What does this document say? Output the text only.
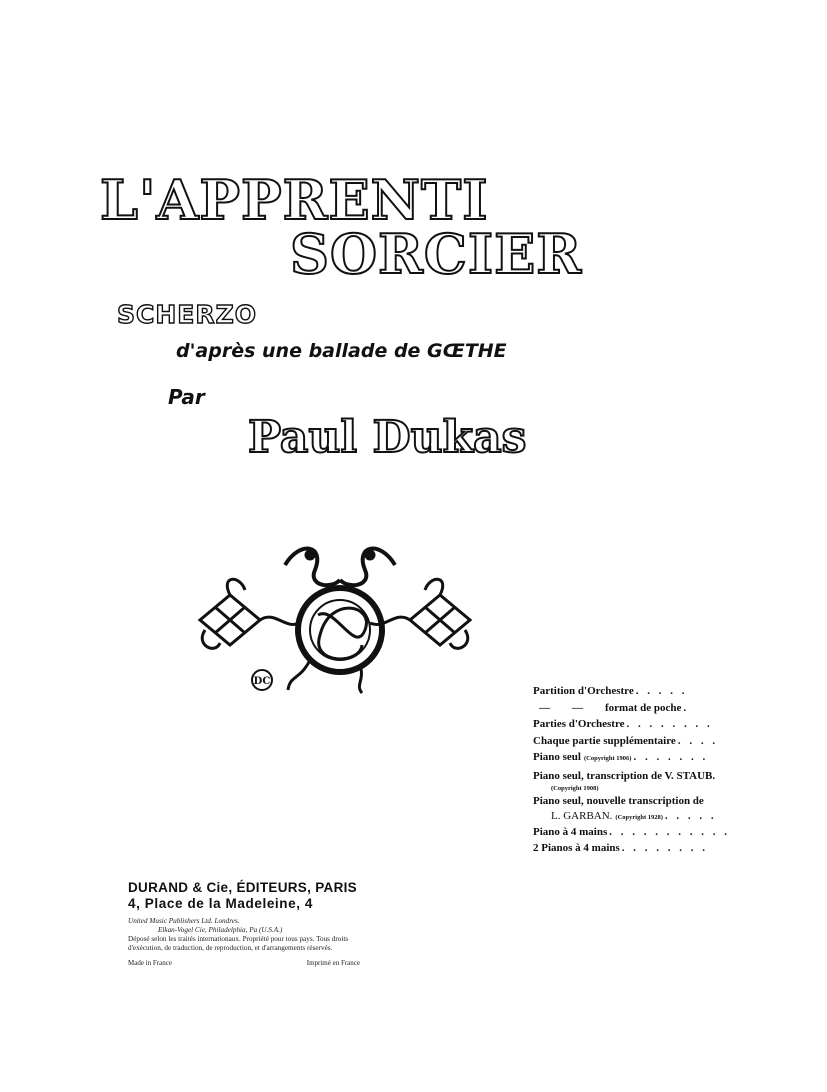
L'APPRENTI
SORCIER
SCHERZO
d'après une ballade de GŒTHE
Par
Paul Dukas
DC
Partition d'Orchestre . . . . .
—        —        format de poche .
Parties d'Orchestre . . . . . . . .
Chaque partie supplémentaire . . . .
Piano seul (Copyright 1906) . . . . . . .
Piano seul, transcription de V. STAUB.
(Copyright 1908)
Piano seul, nouvelle transcription de
L. GARBAN. (Copyright 1928) . . . . .
Piano à 4 mains . . . . . . . . . . .
2 Pianos à 4 mains . . . . . . . .
DURAND & Cie, ÉDITEURS, PARIS
4, Place de la Madeleine, 4
United Music Publishers Ltd. Londres.
Elkan-Vogel Cie, Philadelphia, Pa (U.S.A.)
Déposé selon les traités internationaux. Propriété pour tous pays. Tous droits d'exécution, de traduction, de reproduction, et d'arrangements réservés.
Made in France	Imprimé en France
